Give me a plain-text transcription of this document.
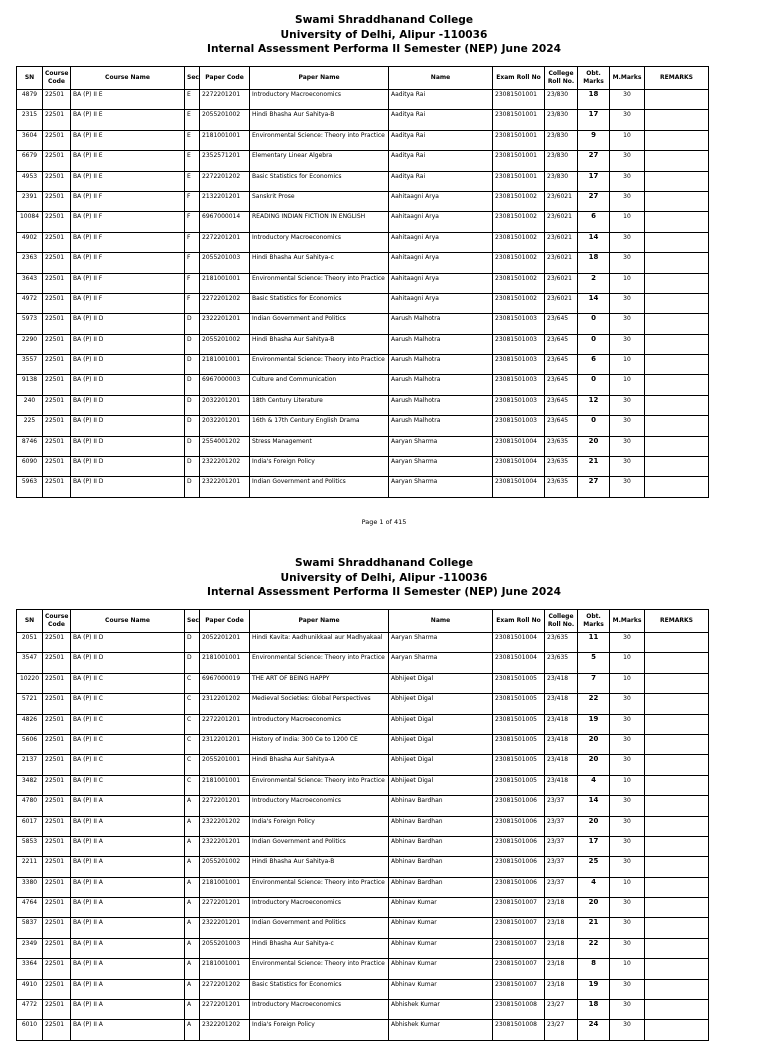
Swami Shraddhanand College
University of Delhi, Alipur -110036
Internal Assessment Performa II Semester (NEP) June 2024
SN	Course Code	Course Name	Sec	Paper Code	Paper Name	Name	Exam Roll No	College Roll No.	Obt. Marks	M.Marks	REMARKS
4879	22501	BA (P) II E	E	2272201201	Introductory Macroeconomics	Aaditya Rai	23081501001	23/830	18	30	
2315	22501	BA (P) II E	E	2055201002	Hindi Bhasha Aur Sahitya-B	Aaditya Rai	23081501001	23/830	17	30	
3604	22501	BA (P) II E	E	2181001001	Environmental Science: Theory into Practice	Aaditya Rai	23081501001	23/830	9	10	
6679	22501	BA (P) II E	E	2352571201	Elementary Linear Algebra	Aaditya Rai	23081501001	23/830	27	30	
4953	22501	BA (P) II E	E	2272201202	Basic Statistics for Economics	Aaditya Rai	23081501001	23/830	17	30	
2391	22501	BA (P) II F	F	2132201201	Sanskrit Prose	Aahitaagni Arya	23081501002	23/6021	27	30	
10084	22501	BA (P) II F	F	6967000014	READING INDIAN FICTION IN ENGLISH	Aahitaagni Arya	23081501002	23/6021	6	10	
4902	22501	BA (P) II F	F	2272201201	Introductory Macroeconomics	Aahitaagni Arya	23081501002	23/6021	14	30	
2363	22501	BA (P) II F	F	2055201003	Hindi Bhasha Aur Sahitya-c	Aahitaagni Arya	23081501002	23/6021	18	30	
3643	22501	BA (P) II F	F	2181001001	Environmental Science: Theory into Practice	Aahitaagni Arya	23081501002	23/6021	2	10	
4972	22501	BA (P) II F	F	2272201202	Basic Statistics for Economics	Aahitaagni Arya	23081501002	23/6021	14	30	
5973	22501	BA (P) II D	D	2322201201	Indian Government and Politics	Aarush Malhotra	23081501003	23/645	0	30	
2290	22501	BA (P) II D	D	2055201002	Hindi Bhasha Aur Sahitya-B	Aarush Malhotra	23081501003	23/645	0	30	
3557	22501	BA (P) II D	D	2181001001	Environmental Science: Theory into Practice	Aarush Malhotra	23081501003	23/645	6	10	
9138	22501	BA (P) II D	D	6967000003	Culture and Communication	Aarush Malhotra	23081501003	23/645	0	10	
240	22501	BA (P) II D	D	2032201201	18th Century Literature	Aarush Malhotra	23081501003	23/645	12	30	
225	22501	BA (P) II D	D	2032201201	16th & 17th Century English Drama	Aarush Malhotra	23081501003	23/645	0	30	
8746	22501	BA (P) II D	D	2554001202	Stress Management	Aaryan Sharma	23081501004	23/635	20	30	
6090	22501	BA (P) II D	D	2322201202	India's Foreign Policy	Aaryan Sharma	23081501004	23/635	21	30	
5963	22501	BA (P) II D	D	2322201201	Indian Government and Politics	Aaryan Sharma	23081501004	23/635	27	30	
Page 1 of 415
Swami Shraddhanand College
University of Delhi, Alipur -110036
Internal Assessment Performa II Semester (NEP) June 2024
SN	Course Code	Course Name	Sec	Paper Code	Paper Name	Name	Exam Roll No	College Roll No.	Obt. Marks	M.Marks	REMARKS
2051	22501	BA (P) II D	D	2052201201	Hindi Kavita: Aadhunikkaal aur Madhyakaal	Aaryan Sharma	23081501004	23/635	11	30	
3547	22501	BA (P) II D	D	2181001001	Environmental Science: Theory into Practice	Aaryan Sharma	23081501004	23/635	5	10	
10220	22501	BA (P) II C	C	6967000019	THE ART OF BEING HAPPY	Abhijeet Digal	23081501005	23/418	7	10	
5721	22501	BA (P) II C	C	2312201202	Medieval Societies: Global Perspectives	Abhijeet Digal	23081501005	23/418	22	30	
4826	22501	BA (P) II C	C	2272201201	Introductory Macroeconomics	Abhijeet Digal	23081501005	23/418	19	30	
5606	22501	BA (P) II C	C	2312201201	History of India: 300 Ce to 1200 CE	Abhijeet Digal	23081501005	23/418	20	30	
2137	22501	BA (P) II C	C	2055201001	Hindi Bhasha Aur Sahitya-A	Abhijeet Digal	23081501005	23/418	20	30	
3482	22501	BA (P) II C	C	2181001001	Environmental Science: Theory into Practice	Abhijeet Digal	23081501005	23/418	4	10	
4780	22501	BA (P) II A	A	2272201201	Introductory Macroeconomics	Abhinav Bardhan	23081501006	23/37	14	30	
6017	22501	BA (P) II A	A	2322201202	India's Foreign Policy	Abhinav Bardhan	23081501006	23/37	20	30	
5853	22501	BA (P) II A	A	2322201201	Indian Government and Politics	Abhinav Bardhan	23081501006	23/37	17	30	
2211	22501	BA (P) II A	A	2055201002	Hindi Bhasha Aur Sahitya-B	Abhinav Bardhan	23081501006	23/37	25	30	
3380	22501	BA (P) II A	A	2181001001	Environmental Science: Theory into Practice	Abhinav Bardhan	23081501006	23/37	4	10	
4764	22501	BA (P) II A	A	2272201201	Introductory Macroeconomics	Abhinav Kumar	23081501007	23/18	20	30	
5837	22501	BA (P) II A	A	2322201201	Indian Government and Politics	Abhinav Kumar	23081501007	23/18	21	30	
2349	22501	BA (P) II A	A	2055201003	Hindi Bhasha Aur Sahitya-c	Abhinav Kumar	23081501007	23/18	22	30	
3364	22501	BA (P) II A	A	2181001001	Environmental Science: Theory into Practice	Abhinav Kumar	23081501007	23/18	8	10	
4910	22501	BA (P) II A	A	2272201202	Basic Statistics for Economics	Abhinav Kumar	23081501007	23/18	19	30	
4772	22501	BA (P) II A	A	2272201201	Introductory Macroeconomics	Abhishek Kumar	23081501008	23/27	18	30	
6010	22501	BA (P) II A	A	2322201202	India's Foreign Policy	Abhishek Kumar	23081501008	23/27	24	30	
